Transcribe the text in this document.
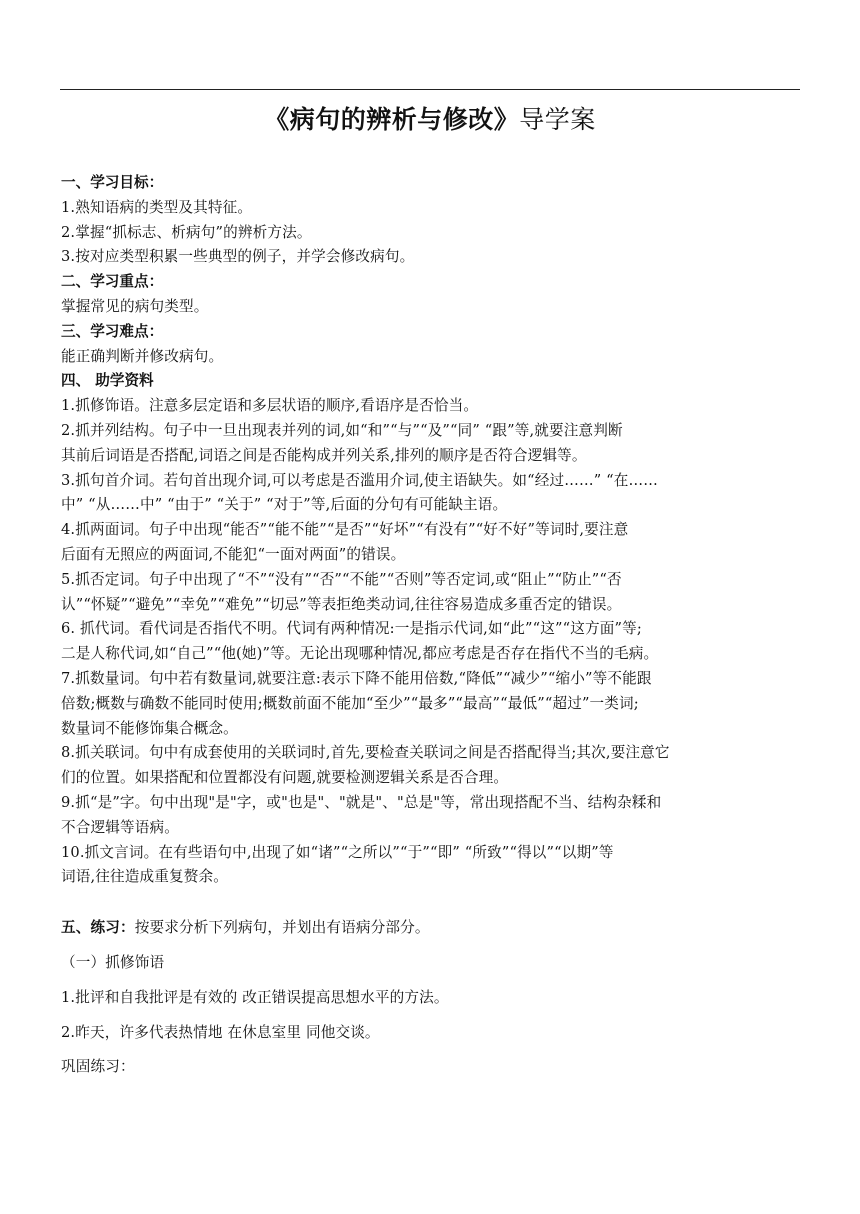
《病句的辨析与修改》导学案
一、学习目标：
1.熟知语病的类型及其特征。
2.掌握“抓标志、析病句”的辨析方法。
3.按对应类型积累一些典型的例子，并学会修改病句。
二、学习重点：
掌握常见的病句类型。
三、学习难点：
能正确判断并修改病句。
四、 助学资料
1.抓修饰语。注意多层定语和多层状语的顺序,看语序是否恰当。
2.抓并列结构。句子中一旦出现表并列的词,如“和”“与”“及”“同” “跟”等,就要注意判断
其前后词语是否搭配,词语之间是否能构成并列关系,排列的顺序是否符合逻辑等。
3.抓句首介词。若句首出现介词,可以考虑是否滥用介词,使主语缺失。如“经过……” “在……
中” “从……中” “由于” “关于” “对于”等,后面的分句有可能缺主语。
4.抓两面词。句子中出现“能否”“能不能”“是否”“好坏”“有没有”“好不好”等词时,要注意
后面有无照应的两面词,不能犯“一面对两面”的错误。
5.抓否定词。句子中出现了“不”“没有”“否”“不能”“否则”等否定词,或“阻止”“防止”“否
认”“怀疑”“避免”“幸免”“难免”“切忌”等表拒绝类动词,往往容易造成多重否定的错误。
6. 抓代词。看代词是否指代不明。代词有两种情况:一是指示代词,如“此”“这”“这方面”等;
二是人称代词,如“自己”“他(她)”等。无论出现哪种情况,都应考虑是否存在指代不当的毛病。
7.抓数量词。句中若有数量词,就要注意:表示下降不能用倍数,“降低”“减少”“缩小”等不能跟
倍数;概数与确数不能同时使用;概数前面不能加“至少”“最多”“最高”“最低”“超过”一类词;
数量词不能修饰集合概念。
8.抓关联词。句中有成套使用的关联词时,首先,要检查关联词之间是否搭配得当;其次,要注意它
们的位置。如果搭配和位置都没有问题,就要检测逻辑关系是否合理。
9.抓“是”字。句中出现"是"字，或"也是"、"就是"、"总是"等，常出现搭配不当、结构杂糅和
不合逻辑等语病。
10.抓文言词。在有些语句中,出现了如“诸”“之所以”“于”“即” “所致”“得以”“以期”等
词语,往往造成重复赘余。
五、练习：按要求分析下列病句，并划出有语病分部分。
（一）抓修饰语
1.批评和自我批评是有效的 改正错误提高思想水平的方法。
2.昨天，许多代表热情地 在休息室里 同他交谈。
巩固练习：
